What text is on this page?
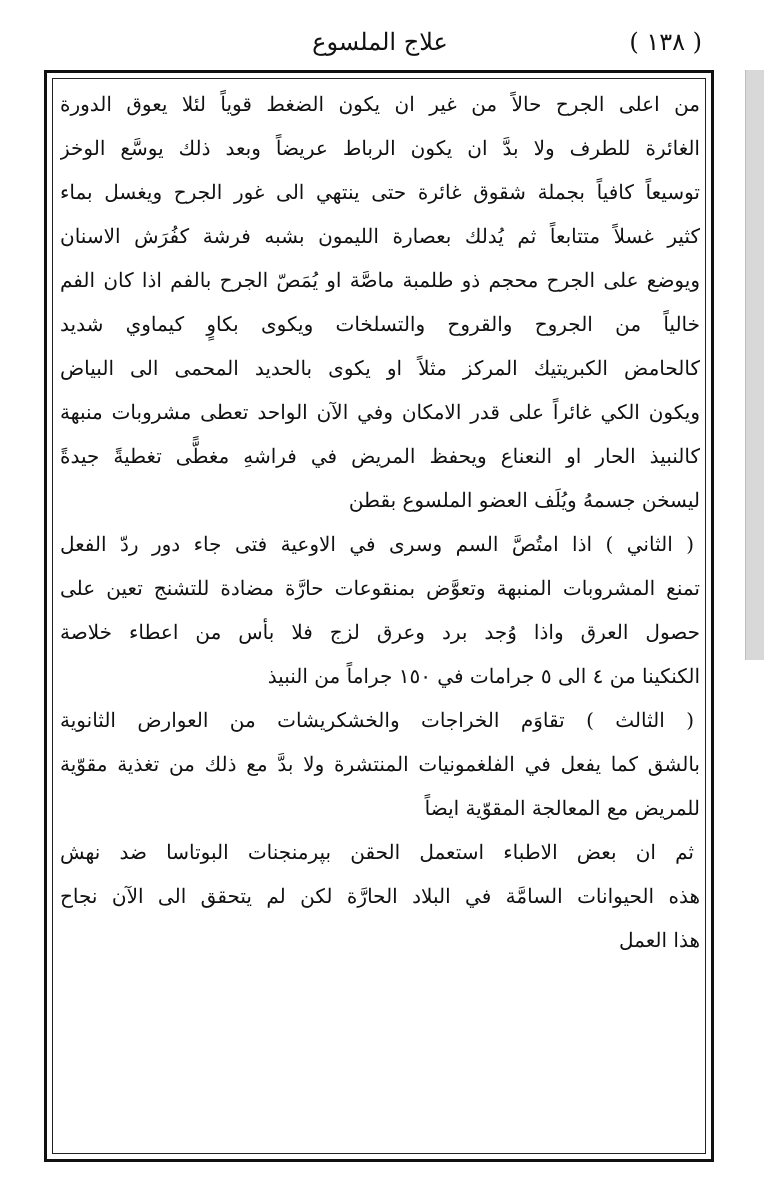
علاج الملسوع	( ١٣٨ )
من اعلى الجرح حالاً من غير ان يكون الضغط قوياً لئلا يعوق الدورة
الغائرة للطرف ولا بدَّ ان يكون الرباط عريضاً وبعد ذلك يوسَّع الوخز
توسيعاً كافياً بجملة شقوق غائرة حتى ينتهي الى غور الجرح ويغسل بماء
كثير غسلاً متتابعاً ثم يُدلك بعصارة الليمون بشبه فرشة كفُرَش الاسنان
ويوضع على الجرح محجم ذو طلمبة ماصَّة او يُمَصّ الجرح بالفم اذا كان الفم
خالياً من الجروح والقروح والتسلخات ويكوى بكاوٍ كيماوي شديد
كالحامض الكبريتيك المركز مثلاً او يكوى بالحديد المحمى الى البياض
ويكون الكي غائراً على قدر الامكان وفي الآن الواحد تعطى مشروبات منبهة
كالنبيذ الحار او النعناع ويحفظ المريض في فراشهِ مغطًّى تغطيةً جيدةً
ليسخن جسمهُ ويُلَف العضو الملسوع بقطن
( الثاني ) اذا امتُصَّ السم وسرى في الاوعية فتى جاء دور ردّ الفعل
تمنع المشروبات المنبهة وتعوَّض بمنقوعات حارَّة مضادة للتشنج تعين على
حصول العرق واذا وُجد برد وعرق لزج فلا بأس من اعطاء خلاصة
الكنكينا من ٤ الى ٥ جرامات في ١٥٠ جراماً من النبيذ
( الثالث ) تقاوَم الخراجات والخشكريشات من العوارض الثانوية
بالشق كما يفعل في الفلغمونيات المنتشرة ولا بدَّ مع ذلك من تغذية مقوّية
للمريض مع المعالجة المقوّية ايضاً
ثم ان بعض الاطباء استعمل الحقن بپرمنجنات البوتاسا ضد نهش
هذه الحيوانات السامَّة في البلاد الحارَّة لكن لم يتحقق الى الآن نجاح
هذا العمل
